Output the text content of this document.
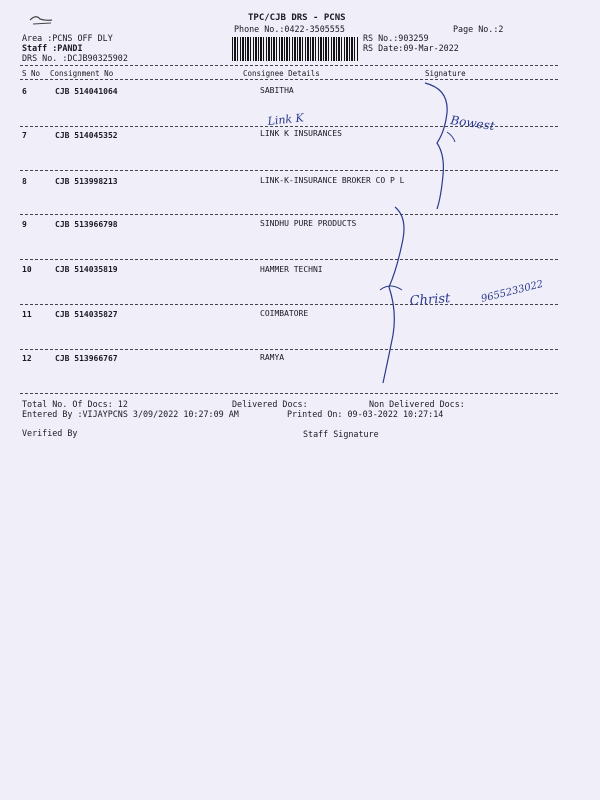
TPC/CJB DRS - PCNS
Phone No.:0422-3505555	Page No.:2
Area :PCNS OFF DLY
Staff :PANDI
DRS No. :DCJB90325902
RS No.:903259
RS Date:09-Mar-2022
S No Consignment No	Consignee Details	Signature
6	CJB 514041064	SABITHA
7	CJB 514045352	LINK K INSURANCES
8	CJB 513998213	LINK-K-INSURANCE BROKER CO P L
9	CJB 513966798	SINDHU PURE PRODUCTS
10	CJB 514035819	HAMMER TECHNI
11	CJB 514035827	COIMBATORE
12	CJB 513966767	RAMYA
Total No. Of Docs: 12	Delivered Docs:	Non Delivered Docs:
Entered By :VIJAYPCNS 3/09/2022 10:27:09 AM	Printed On: 09-03-2022 10:27:14
Verified By	Staff Signature
Link K	Bowest
Christ	9655233022
